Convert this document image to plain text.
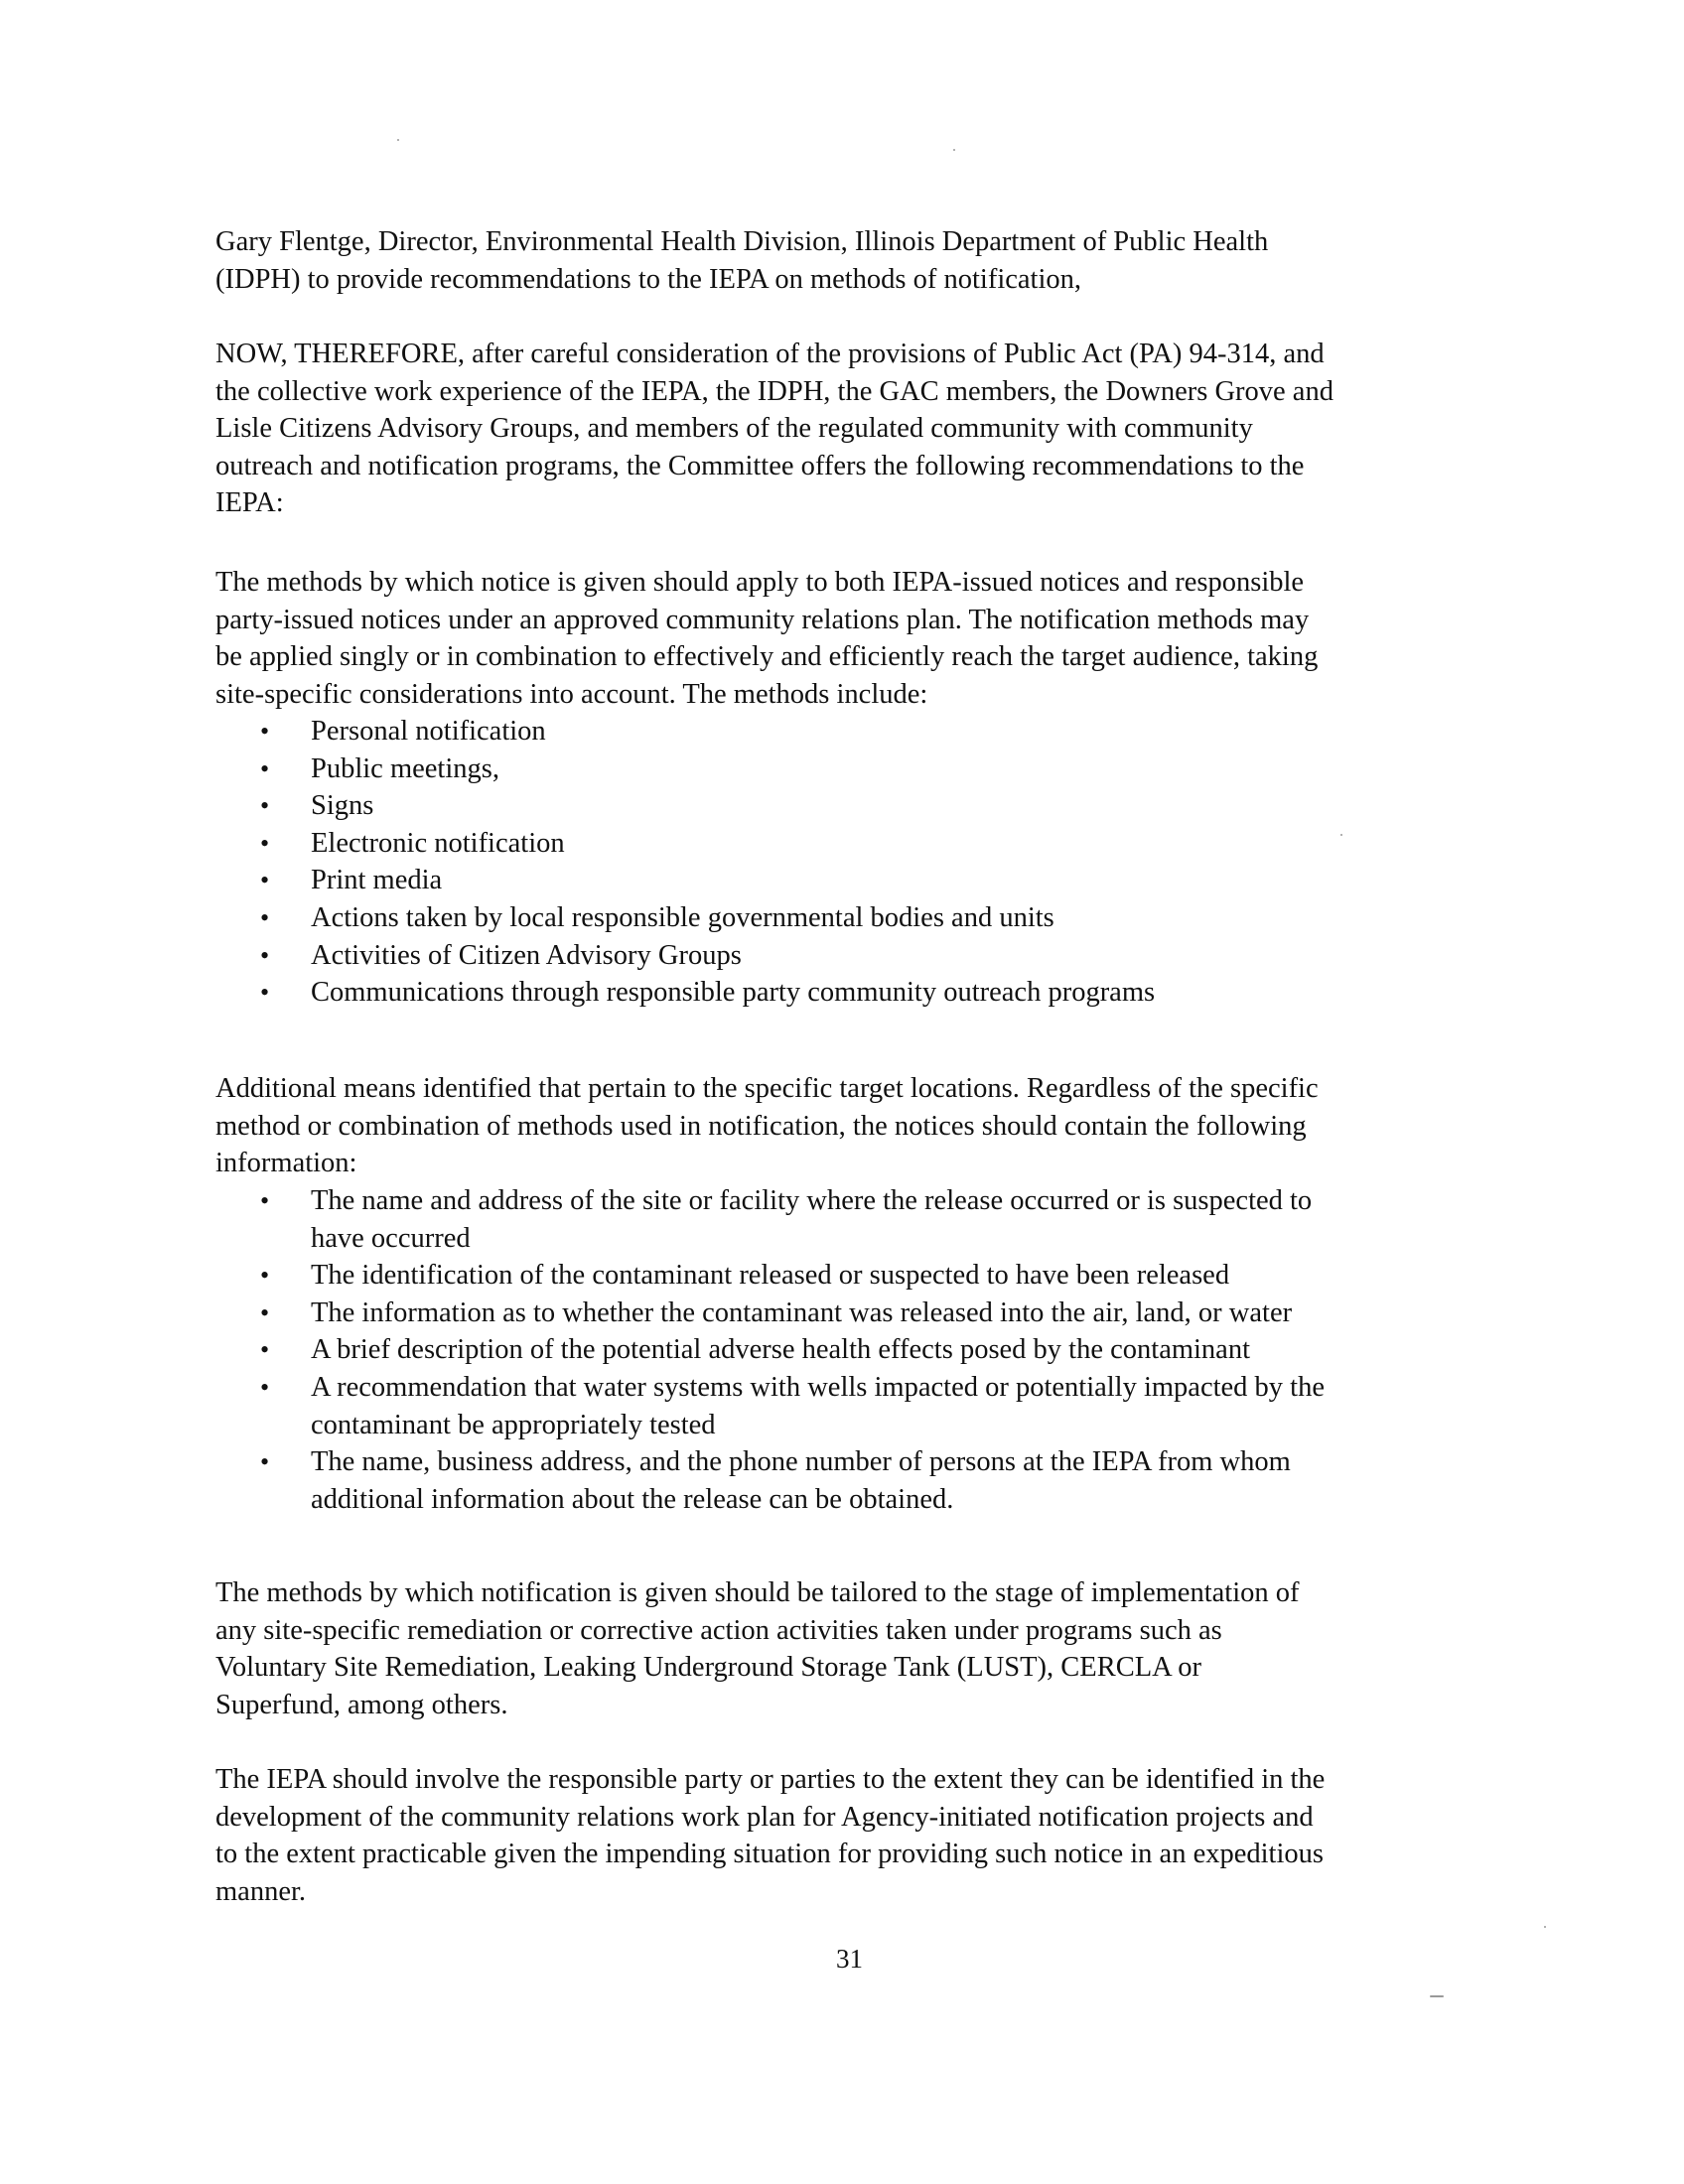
Gary Flentge, Director, Environmental Health Division, Illinois Department of Public Health
(IDPH) to provide recommendations to the IEPA on methods of notification,
NOW, THEREFORE, after careful consideration of the provisions of Public Act (PA) 94-314, and
the collective work experience of the IEPA, the IDPH, the GAC members, the Downers Grove and
Lisle Citizens Advisory Groups, and members of the regulated community with community
outreach and notification programs, the Committee offers the following recommendations to the
IEPA:
The methods by which notice is given should apply to both IEPA-issued notices and responsible
party-issued notices under an approved community relations plan. The notification methods may
be applied singly or in combination to effectively and efficiently reach the target audience, taking
site-specific considerations into account. The methods include:
• Personal notification
• Public meetings,
• Signs
• Electronic notification
• Print media
• Actions taken by local responsible governmental bodies and units
• Activities of Citizen Advisory Groups
• Communications through responsible party community outreach programs
Additional means identified that pertain to the specific target locations. Regardless of the specific
method or combination of methods used in notification, the notices should contain the following
information:
• The name and address of the site or facility where the release occurred or is suspected to
have occurred
• The identification of the contaminant released or suspected to have been released
• The information as to whether the contaminant was released into the air, land, or water
• A brief description of the potential adverse health effects posed by the contaminant
• A recommendation that water systems with wells impacted or potentially impacted by the
contaminant be appropriately tested
• The name, business address, and the phone number of persons at the IEPA from whom
additional information about the release can be obtained.
The methods by which notification is given should be tailored to the stage of implementation of
any site-specific remediation or corrective action activities taken under programs such as
Voluntary Site Remediation, Leaking Underground Storage Tank (LUST), CERCLA or
Superfund, among others.
The IEPA should involve the responsible party or parties to the extent they can be identified in the
development of the community relations work plan for Agency-initiated notification projects and
to the extent practicable given the impending situation for providing such notice in an expeditious
manner.
31
